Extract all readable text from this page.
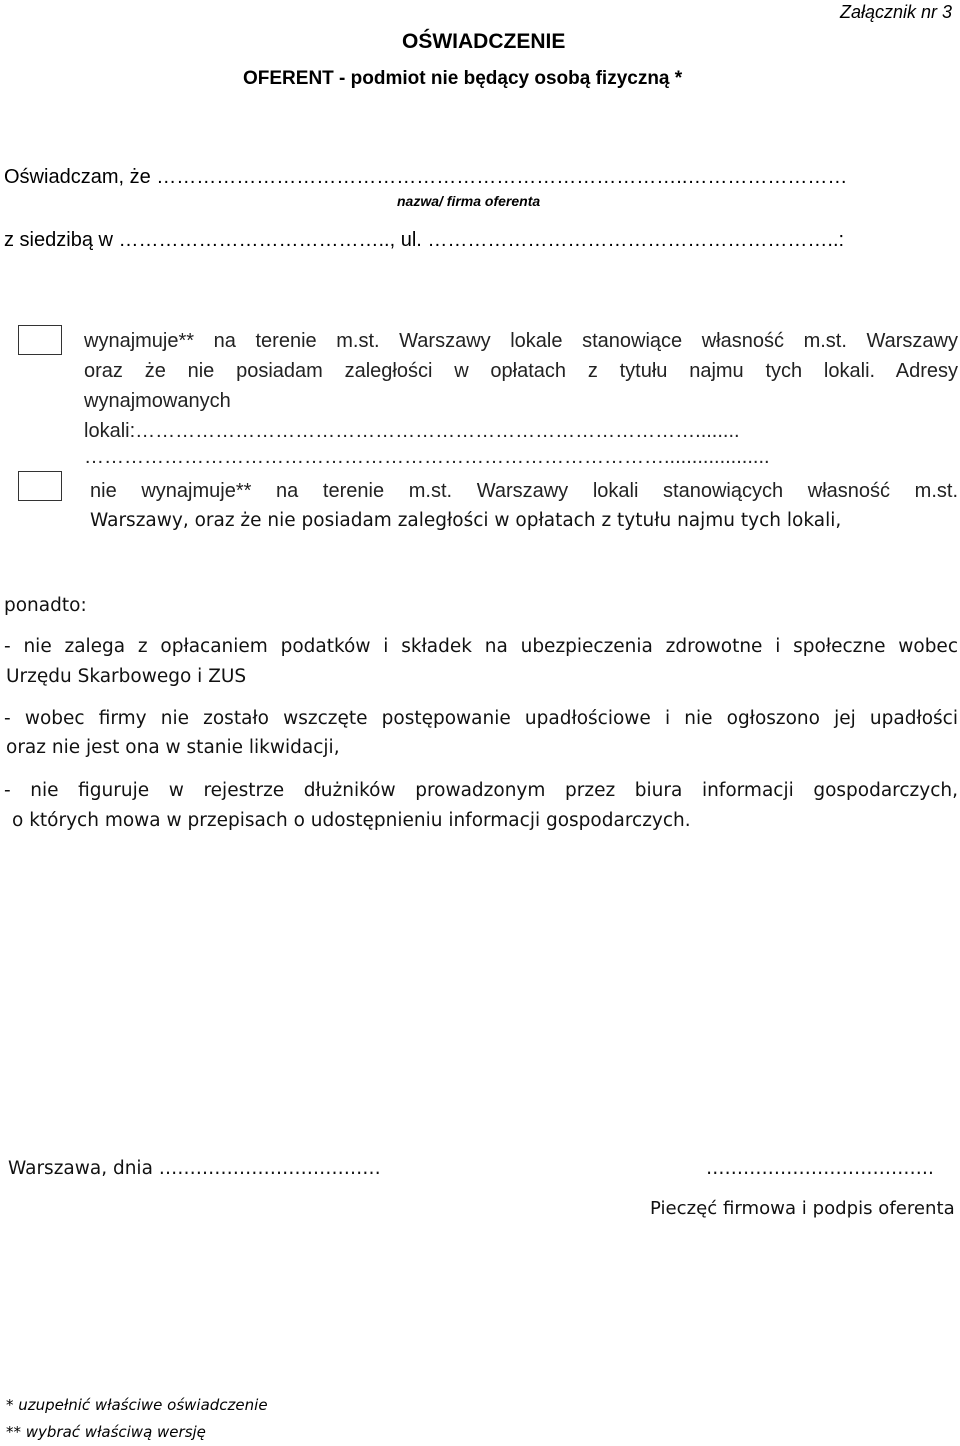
OŚWIADCZENIE
Załącznik nr 3
OFERENT - podmiot nie będący osobą fizyczną *
Oświadczam, że ……………………………………………………………………..……………………
nazwa/ firma oferenta
z siedzibą w ………………………………….., ul. ……………………………………………………..:
wynajmuje** na terenie m.st. Warszawy lokale stanowiące własność m.st. Warszawy
oraz że nie posiadam zaległości w opłatach z tytułu najmu tych lokali. Adresy
wynajmowanych
lokali:…………………………………………………………………………........
……………………………………………………………………………...................
nie wynajmuje** na terenie m.st. Warszawy lokali stanowiących własność m.st.
Warszawy, oraz że nie posiadam zaległości w opłatach z tytułu najmu tych lokali,
ponadto:
- nie zalega z opłacaniem podatków i składek na ubezpieczenia zdrowotne i społeczne wobec
Urzędu Skarbowego i ZUS
- wobec firmy nie zostało wszczęte postępowanie upadłościowe i nie ogłoszono jej upadłości
oraz nie jest ona w stanie likwidacji,
- nie figuruje w rejestrze dłużników prowadzonym przez biura informacji gospodarczych,
o których mowa w przepisach o udostępnieniu informacji gospodarczych.
Warszawa, dnia ………………………………	……………………………….
Pieczęć firmowa i podpis oferenta
* uzupełnić właściwe oświadczenie
** wybrać właściwą wersję
